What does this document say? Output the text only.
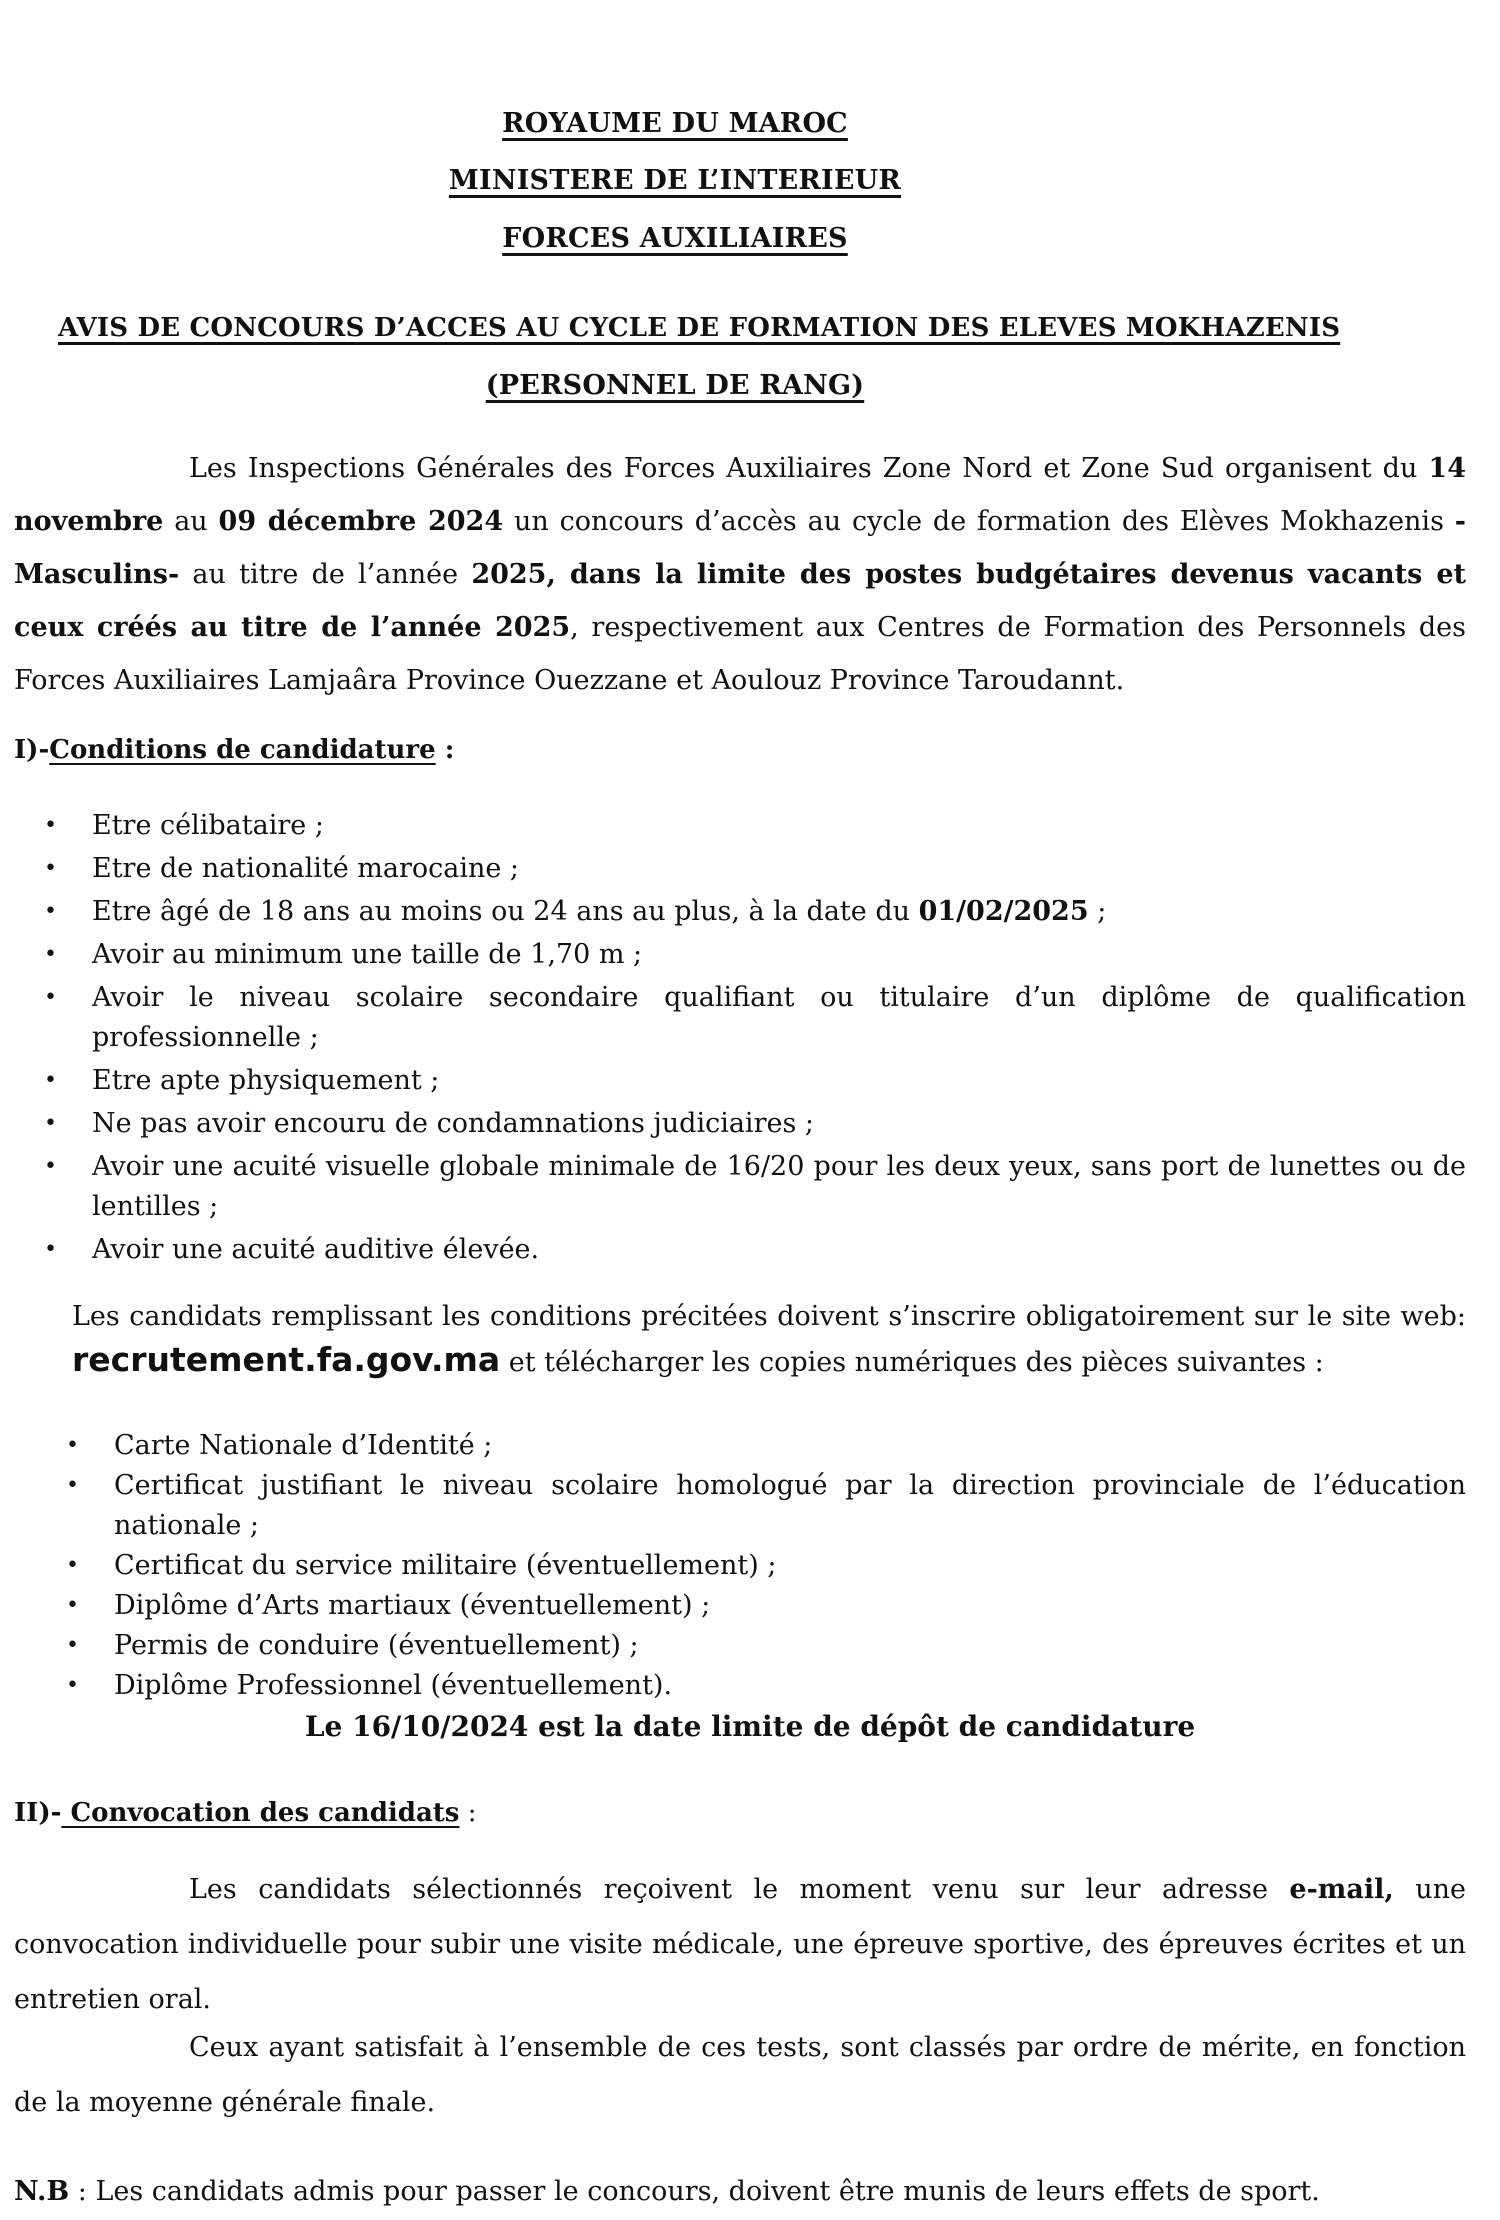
ROYAUME DU MAROC
MINISTERE DE L’INTERIEUR
FORCES AUXILIAIRES
AVIS DE CONCOURS D’ACCES AU CYCLE DE FORMATION DES ELEVES MOKHAZENIS
(PERSONNEL DE RANG)
Les Inspections Générales des Forces Auxiliaires Zone Nord et Zone Sud organisent du 14 novembre au 09 décembre 2024 un concours d’accès au cycle de formation des Elèves Mokhazenis -Masculins- au titre de l’année 2025, dans la limite des postes budgétaires devenus vacants et ceux créés au titre de l’année 2025, respectivement aux Centres de Formation des Personnels des Forces Auxiliaires Lamjaâra Province Ouezzane et Aoulouz Province Taroudannt.
I)-Conditions de candidature :
• Etre célibataire ;
• Etre de nationalité marocaine ;
• Etre âgé de 18 ans au moins ou 24 ans au plus, à la date du 01/02/2025 ;
• Avoir au minimum une taille de 1,70 m ;
• Avoir le niveau scolaire secondaire qualifiant ou titulaire d’un diplôme de qualification professionnelle ;
• Etre apte physiquement ;
• Ne pas avoir encouru de condamnations judiciaires ;
• Avoir une acuité visuelle globale minimale de 16/20 pour les deux yeux, sans port de lunettes ou de lentilles ;
• Avoir une acuité auditive élevée.
Les candidats remplissant les conditions précitées doivent s’inscrire obligatoirement sur le site web: recrutement.fa.gov.ma et télécharger les copies numériques des pièces suivantes :
• Carte Nationale d’Identité ;
• Certificat justifiant le niveau scolaire homologué par la direction provinciale de l’éducation nationale ;
• Certificat du service militaire (éventuellement) ;
• Diplôme d’Arts martiaux (éventuellement) ;
• Permis de conduire (éventuellement) ;
• Diplôme Professionnel (éventuellement).
Le 16/10/2024 est la date limite de dépôt de candidature
II)- Convocation des candidats :
Les candidats sélectionnés reçoivent le moment venu sur leur adresse e-mail, une convocation individuelle pour subir une visite médicale, une épreuve sportive, des épreuves écrites et un entretien oral.
Ceux ayant satisfait à l’ensemble de ces tests, sont classés par ordre de mérite, en fonction de la moyenne générale finale.
N.B : Les candidats admis pour passer le concours, doivent être munis de leurs effets de sport.
